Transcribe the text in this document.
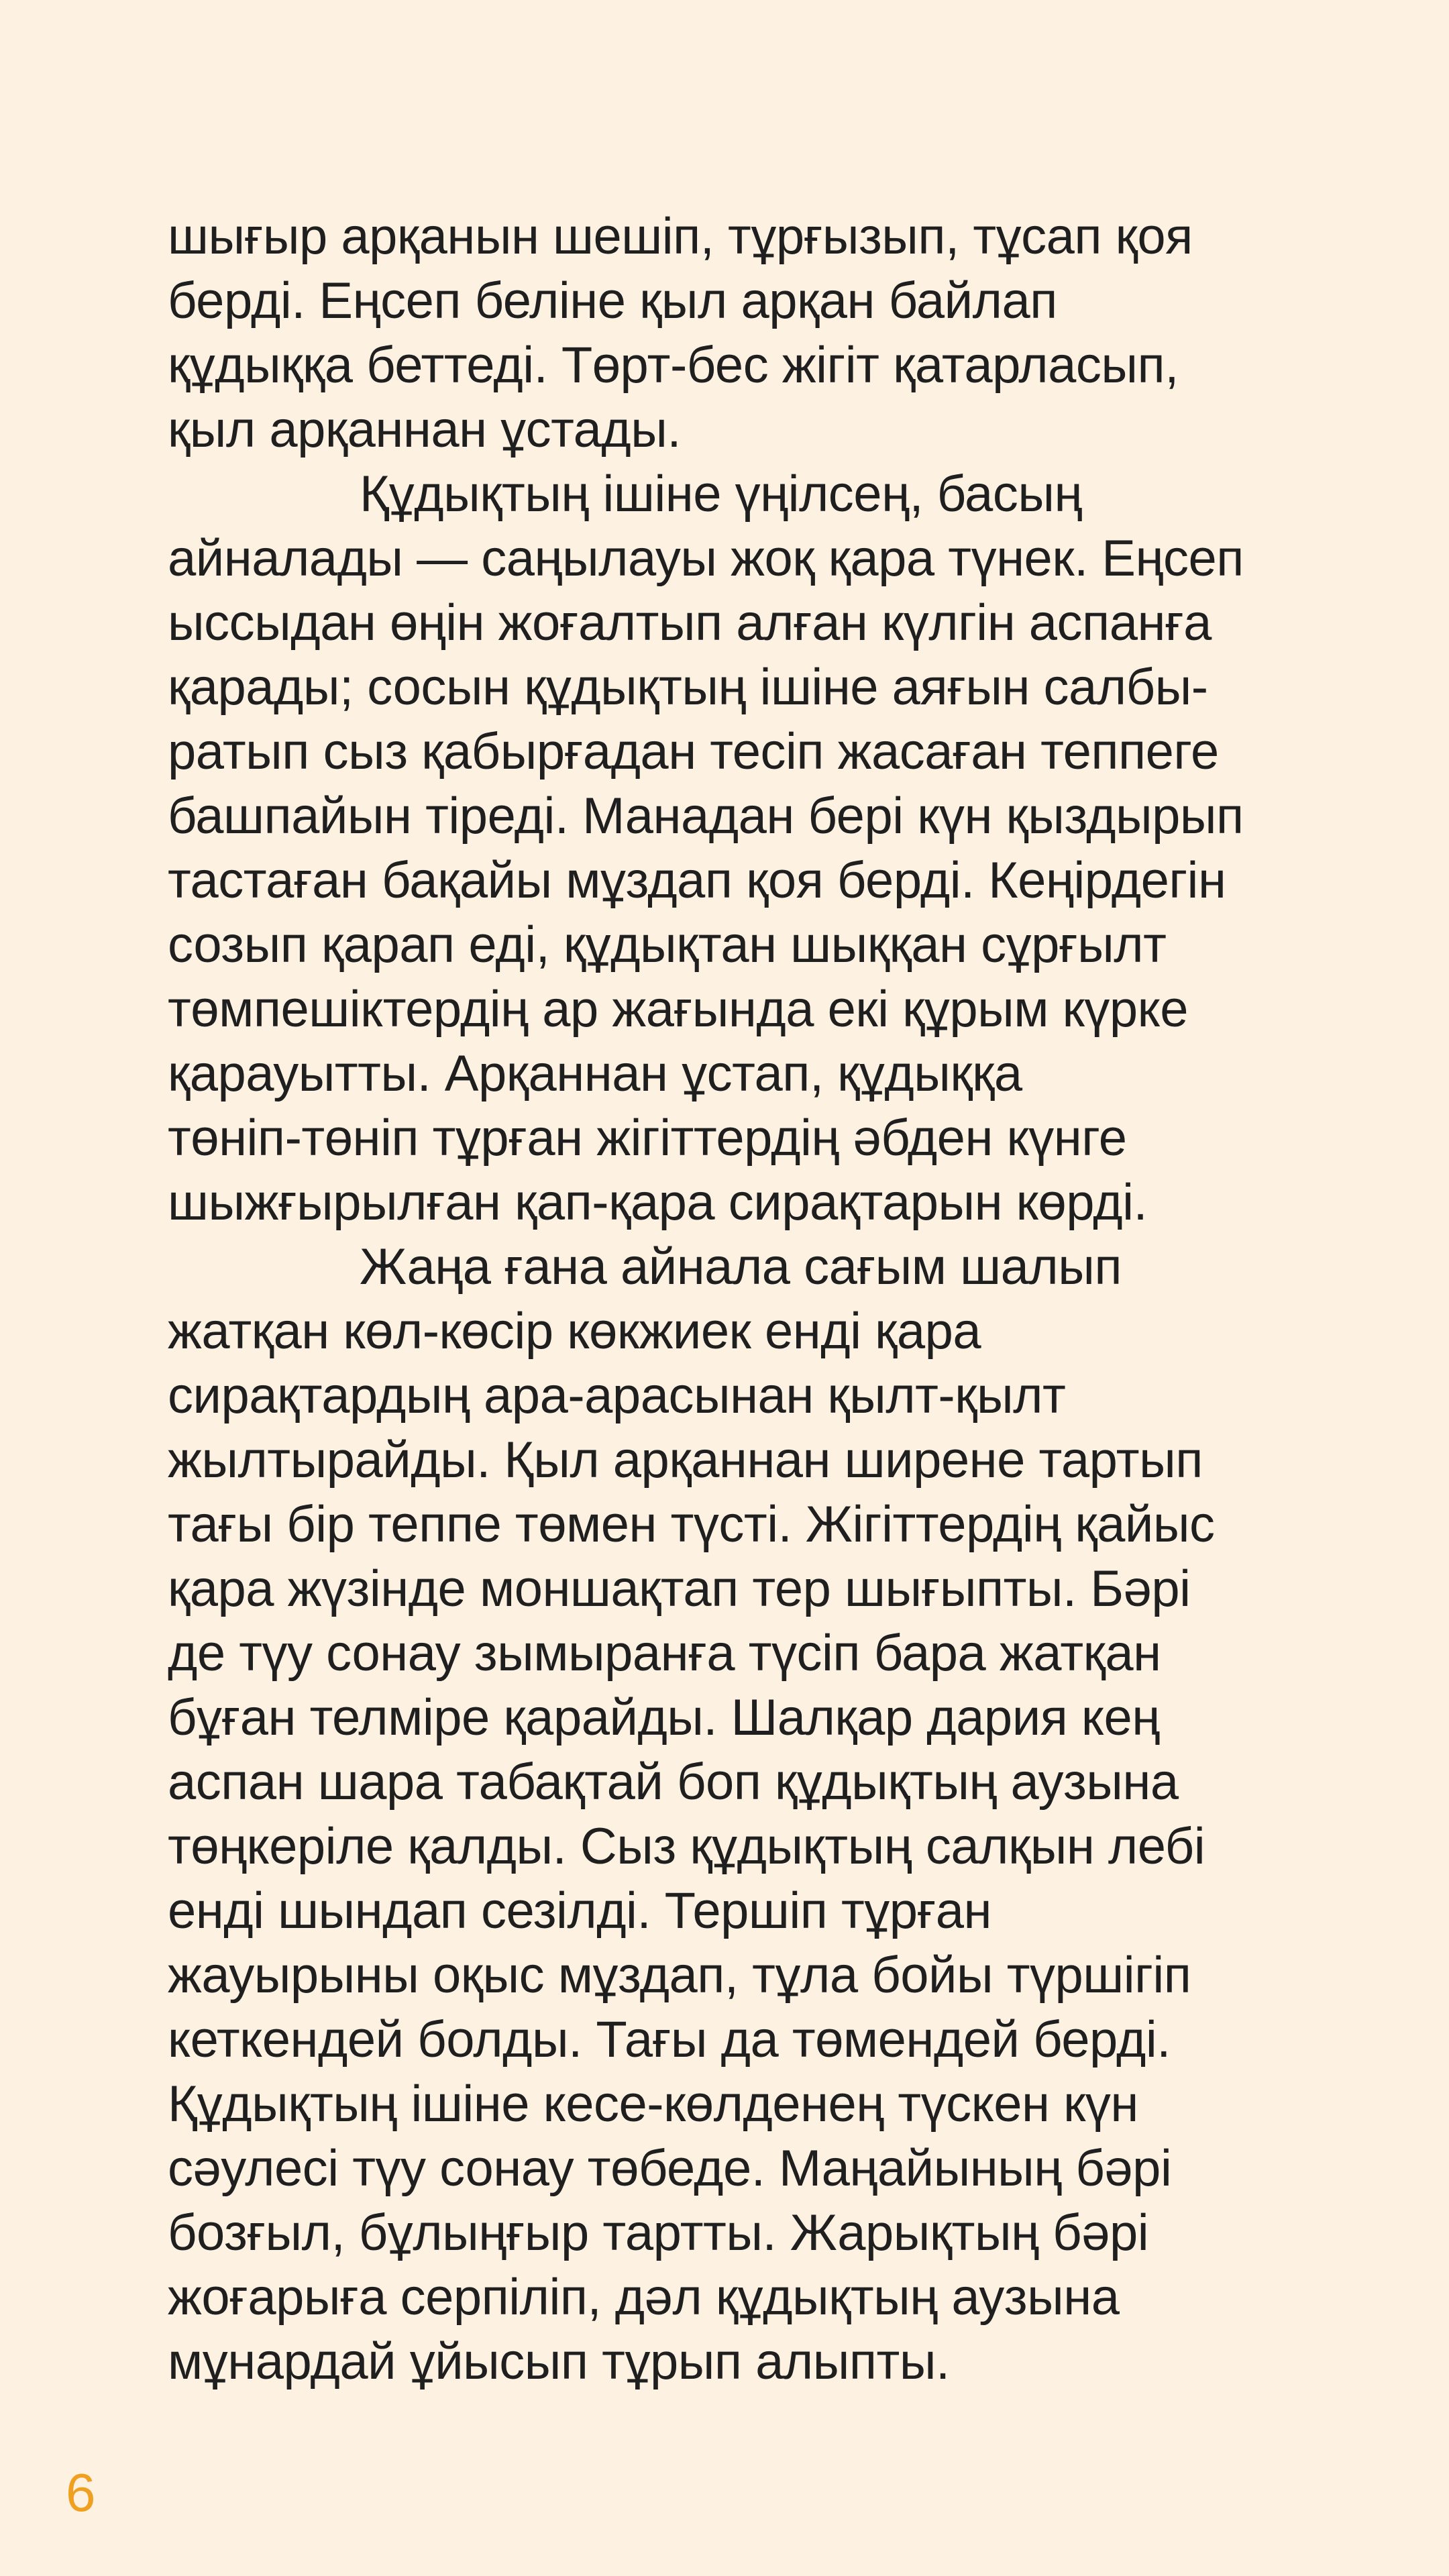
шығыр арқанын шешіп, тұрғызып, тұсап қоя
берді. Еңсеп беліне қыл арқан байлап
құдыққа беттеді. Төрт-бес жігіт қатарласып,
қыл арқаннан ұстады.
Құдықтың ішіне үңілсең, басың
айналады — саңылауы жоқ қара түнек. Еңсеп
ыссыдан өңін жоғалтып алған күлгін аспанға
қарады; сосын құдықтың ішіне аяғын салбы-
ратып сыз қабырғадан тесіп жасаған теппеге
башпайын тіреді. Манадан бері күн қыздырып
тастаған бақайы мұздап қоя берді. Кеңірдегін
созып қарап еді, құдықтан шыққан сұрғылт
төмпешіктердің ар жағында екі құрым күрке
қарауытты. Арқаннан ұстап, құдыққа
төніп-төніп тұрған жігіттердің әбден күнге
шыжғырылған қап-қара сирақтарын көрді.
Жаңа ғана айнала сағым шалып
жатқан көл-көсір көкжиек енді қара
сирақтардың ара-арасынан қылт-қылт
жылтырайды. Қыл арқаннан ширене тартып
тағы бір теппе төмен түсті. Жігіттердің қайыс
қара жүзінде моншақтап тер шығыпты. Бәрі
де түу сонау зымыранға түсіп бара жатқан
бұған телміре қарайды. Шалқар дария кең
аспан шара табақтай боп құдықтың аузына
төңкеріле қалды. Сыз құдықтың салқын лебі
енді шындап сезілді. Тершіп тұрған
жауырыны оқыс мұздап, тұла бойы түршігіп
кеткендей болды. Тағы да төмендей берді.
Құдықтың ішіне кесе-көлденең түскен күн
сәулесі түу сонау төбеде. Маңайының бәрі
бозғыл, бұлыңғыр тартты. Жарықтың бәрі
жоғарыға серпіліп, дәл құдықтың аузына
мұнардай ұйысып тұрып алыпты.
6
